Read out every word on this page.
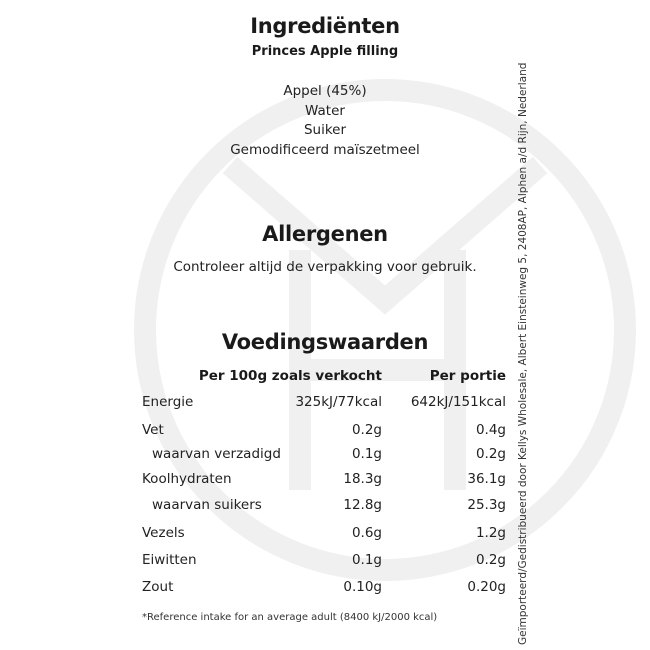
Ingrediënten
Princes Apple filling
Appel (45%)
Water
Suiker
Gemodificeerd maïszetmeel
Allergenen
Controleer altijd de verpakking voor gebruik.
Voedingswaarden
Per 100g zoals verkocht	Per portie
Energie	325kJ/77kcal 642kJ/151kcal
Vet	0.2g	0.4g
waarvan verzadigd	0.1g	0.2g
Koolhydraten	18.3g	36.1g
waarvan suikers	12.8g	25.3g
Vezels	0.6g	1.2g
Eiwitten	0.1g	0.2g
Zout	0.10g	0.20g
*Reference intake for an average adult (8400 kJ/2000 kcal)	Geïmporteerd/Gedistribueerd door Kellys Wholesale, Albert Einsteinweg 5, 2408AP, Alphen a/d Rijn, Nederland
